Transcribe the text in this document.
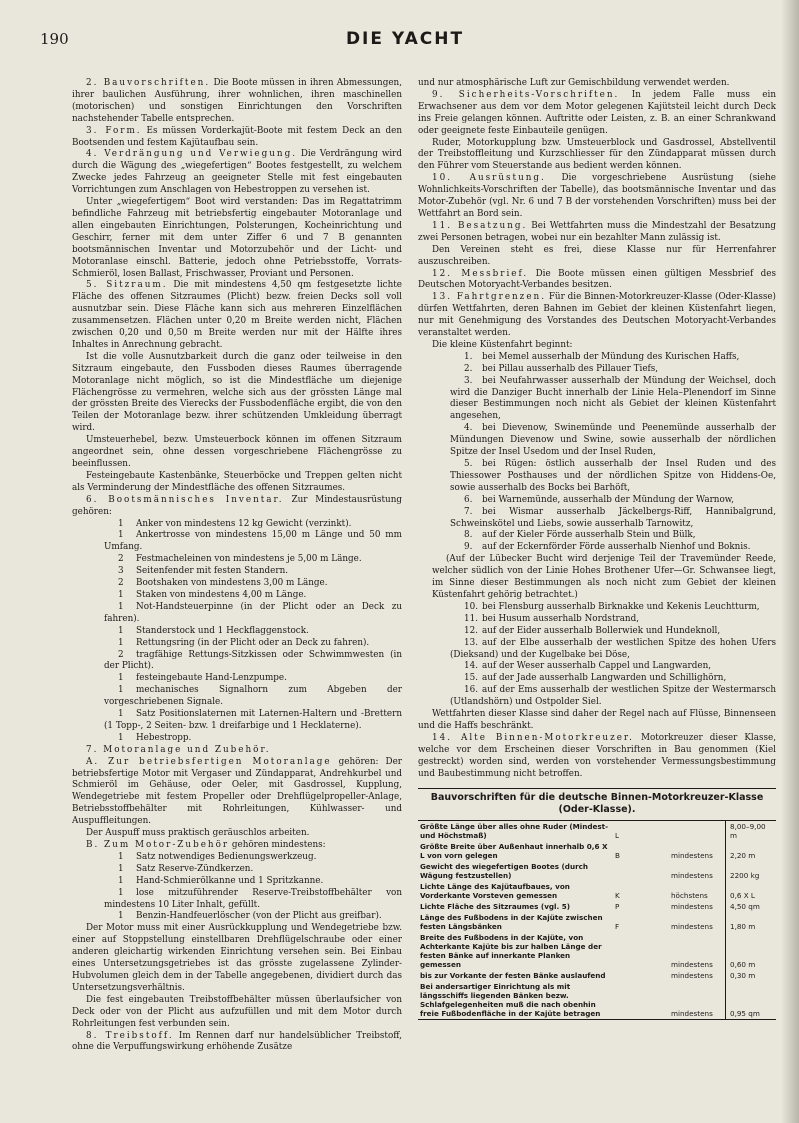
190	DIE YACHT

2. Bauvorschriften. Die Boote müssen in ihren Abmessungen, ihrer baulichen Ausführung, ihrer wohnlichen, ihren maschinellen (motorischen) und sonstigen Einrichtungen den Vorschriften nachstehender Tabelle entsprechen.

3. Form. Es müssen Vorderkajüt-Boote mit festem Deck an den Bootsenden und festem Kajütaufbau sein.

4. Verdrängung und Verwiegung. Die Verdrängung wird durch die Wägung des „wiegefertigen“ Bootes festgestellt, zu welchem Zwecke jedes Fahrzeug an geeigneter Stelle mit fest eingebauten Vorrichtungen zum Anschlagen von Hebestroppen zu versehen ist.

Unter „wiegefertigem“ Boot wird verstanden: Das im Regattatrimm befindliche Fahrzeug mit betriebsfertig eingebauter Motoranlage und allen eingebauten Einrichtungen, Polsterungen, Kocheinrichtung und Geschirr, ferner mit dem unter Ziffer 6 und 7 B genannten bootsmännischen Inventar und Motorzubehör und der Licht- und Motoranlase einschl. Batterie, jedoch ohne Petriebsstoffe, Vorrats-Schmieröl, losen Ballast, Frischwasser, Proviant und Personen.

5. Sitzraum. Die mit mindestens 4,50 qm festgesetzte lichte Fläche des offenen Sitzraumes (Plicht) bezw. freien Decks soll voll ausnutzbar sein. Diese Fläche kann sich aus mehreren Einzelflächen zusammensetzen. Flächen unter 0,20 m Breite werden nicht, Flächen zwischen 0,20 und 0,50 m Breite werden nur mit der Hälfte ihres Inhaltes in Anrechnung gebracht.

Ist die volle Ausnutzbarkeit durch die ganz oder teilweise in den Sitzraum eingebaute, den Fussboden dieses Raumes überragende Motoranlage nicht möglich, so ist die Mindestfläche um diejenige Flächengrösse zu vermehren, welche sich aus der grössten Länge mal der grössten Breite des Vierecks der Fussbodenfläche ergibt, die von den Teilen der Motoranlage bezw. ihrer schützenden Umkleidung überragt wird.

Umsteuerhebel, bezw. Umsteuerbock können im offenen Sitzraum angeordnet sein, ohne dessen vorgeschriebene Flächengrösse zu beeinflussen.

Festeingebaute Kastenbänke, Steuerböcke und Treppen gelten nicht als Verminderung der Mindestfläche des offenen Sitzraumes.

6. Bootsmännisches Inventar. Zur Mindestausrüstung gehören:

1 Anker von mindestens 12 kg Gewicht (verzinkt).

1 Ankertrosse von mindestens 15,00 m Länge und 50 mm Umfang.

2 Festmacheleinen von mindestens je 5,00 m Länge.

3 Seitenfender mit festen Standern.

2 Bootshaken von mindestens 3,00 m Länge.

1 Staken von mindestens 4,00 m Länge.

1 Not-Handsteuerpinne (in der Plicht oder an Deck zu fahren).

1 Standerstock und 1 Heckflaggenstock.

1 Rettungsring (in der Plicht oder an Deck zu fahren).

2 tragfähige Rettungs-Sitzkissen oder Schwimmwesten (in der Plicht).

1 festeingebaute Hand-Lenzpumpe.

1 mechanisches Signalhorn zum Abgeben der vorgeschriebenen Signale.

1 Satz Positionslaternen mit Laternen-Haltern und -Brettern (1 Topp-, 2 Seiten- bzw. 1 dreifarbige und 1 Hecklaterne).

1 Hebestropp.

7. Motoranlage und Zubehör.

A. Zur betriebsfertigen Motoranlage gehören: Der betriebsfertige Motor mit Vergaser und Zündapparat, Andrehkurbel und Schmieröl im Gehäuse, oder Oeler, mit Gasdrossel, Kupplung, Wendegetriebe mit festem Propeller oder Drehflügelpropeller-Anlage, Betriebsstoffbehälter mit Rohrleitungen, Kühlwasser- und Auspuffleitungen.

Der Auspuff muss praktisch geräuschlos arbeiten.

B. Zum Motor-Zubehör gehören mindestens:

1 Satz notwendiges Bedienungswerkzeug.

1 Satz Reserve-Zündkerzen.

1 Hand-Schmierölkanne und 1 Spritzkanne.

1 lose mitzuführender Reserve-Treibstoffbehälter von mindestens 10 Liter Inhalt, gefüllt.

1 Benzin-Handfeuerlöscher (von der Plicht aus greifbar).

Der Motor muss mit einer Ausrückkupplung und Wendegetriebe bzw. einer auf Stoppstellung einstellbaren Drehflügelschraube oder einer anderen gleichartig wirkenden Einrichtung versehen sein. Bei Einbau eines Untersetzungsgetriebes ist das grösste zugelassene Zylinder-Hubvolumen gleich dem in der Tabelle angegebenen, dividiert durch das Untersetzungsverhältnis.

Die fest eingebauten Treibstoffbehälter müssen überlaufsicher von Deck oder von der Plicht aus aufzufüllen und mit dem Motor durch Rohrleitungen fest verbunden sein.

8. Treibstoff. Im Rennen darf nur handelsüblicher Treibstoff, ohne die Verpuffungswirkung erhöhende Zusätze

und nur atmosphärische Luft zur Gemischbildung verwendet werden.

9. Sicherheits-Vorschriften. In jedem Falle muss ein Erwachsener aus dem vor dem Motor gelegenen Kajütsteil leicht durch Deck ins Freie gelangen können. Auftritte oder Leisten, z. B. an einer Schrankwand oder geeignete feste Einbauteile genügen.

Ruder, Motorkupplung bzw. Umsteuerblock und Gasdrossel, Abstellventil der Treibstoffleitung und Kurzschliesser für den Zündapparat müssen durch den Führer vom Steuerstande aus bedient werden können.

10. Ausrüstung. Die vorgeschriebene Ausrüstung (siehe Wohnlichkeits-Vorschriften der Tabelle), das bootsmännische Inventar und das Motor-Zubehör (vgl. Nr. 6 und 7 B der vorstehenden Vorschriften) muss bei der Wettfahrt an Bord sein.

11. Besatzung. Bei Wettfahrten muss die Mindestzahl der Besatzung zwei Personen betragen, wobei nur ein bezahlter Mann zulässig ist.

Den Vereinen steht es frei, diese Klasse nur für Herrenfahrer auszuschreiben.

12. Messbrief. Die Boote müssen einen gültigen Messbrief des Deutschen Motoryacht-Verbandes besitzen.

13. Fahrtgrenzen. Für die Binnen-Motorkreuzer-Klasse (Oder-Klasse) dürfen Wettfahrten, deren Bahnen im Gebiet der kleinen Küstenfahrt liegen, nur mit Genehmigung des Vorstandes des Deutschen Motoryacht-Verbandes veranstaltet werden.

Die kleine Küstenfahrt beginnt:

1. bei Memel ausserhalb der Mündung des Kurischen Haffs,

2. bei Pillau ausserhalb des Pillauer Tiefs,

3. bei Neufahrwasser ausserhalb der Mündung der Weichsel, doch wird die Danziger Bucht innerhalb der Linie Hela–Plenendorf im Sinne dieser Bestimmungen noch nicht als Gebiet der kleinen Küstenfahrt angesehen,

4. bei Dievenow, Swinemünde und Peenemünde ausserhalb der Mündungen Dievenow und Swine, sowie ausserhalb der nördlichen Spitze der Insel Usedom und der Insel Ruden,

5. bei Rügen: östlich ausserhalb der Insel Ruden und des Thiessower Posthauses und der nördlichen Spitze von Hiddens-Oe, sowie ausserhalb des Bocks bei Barhöft,

6. bei Warnemünde, ausserhalb der Mündung der Warnow,

7. bei Wismar ausserhalb Jäckelbergs-Riff, Hannibalgrund, Schweinskötel und Liebs, sowie ausserhalb Tarnowitz,

8. auf der Kieler Förde ausserhalb Stein und Bülk,

9. auf der Eckernförder Förde ausserhalb Nienhof und Boknis.

(Auf der Lübecker Bucht wird derjenige Teil der Travemünder Reede, welcher südlich von der Linie Hohes Brothener Ufer—Gr. Schwansee liegt, im Sinne dieser Bestimmungen als noch nicht zum Gebiet der kleinen Küstenfahrt gehörig betrachtet.)

10. bei Flensburg ausserhalb Birknakke und Kekenis Leuchtturm,

11. bei Husum ausserhalb Nordstrand,

12. auf der Eider ausserhalb Bollerwiek und Hundeknoll,

13. auf der Elbe ausserhalb der westlichen Spitze des hohen Ufers (Dieksand) und der Kugelbake bei Döse,

14. auf der Weser ausserhalb Cappel und Langwarden,

15. auf der Jade ausserhalb Langwarden und Schillighörn,

16. auf der Ems ausserhalb der westlichen Spitze der Westermarsch (Utlandshörn) und Ostpolder Siel.

Wettfahrten dieser Klasse sind daher der Regel nach auf Flüsse, Binnenseen und die Haffs beschränkt.

14. Alte Binnen-Motorkreuzer. Motorkreuzer dieser Klasse, welche vor dem Erscheinen dieser Vorschriften in Bau genommen (Kiel gestreckt) worden sind, werden von vorstehender Vermessungsbestimmung und Baubestimmung nicht betroffen.

Bauvorschriften für die deutsche Binnen-Motorkreuzer-Klasse (Oder-Klasse).
Größte Länge über alles ohne Ruder (Mindest- und Höchstmaß)	L		8,00–9,00 m
Größte Breite über Außenhaut innerhalb 0,6 X L von vorn gelegen	B	mindestens	2,20 m
Gewicht des wiegefertigen Bootes (durch Wägung festzustellen)		mindestens	2200 kg
Lichte Länge des Kajütaufbaues, von Vorderkante Vorsteven gemessen	K	höchstens	0,6 X L
Lichte Fläche des Sitzraumes (vgl. 5)	P	mindestens	4,50 qm
Länge des Fußbodens in der Kajüte zwischen festen Längsbänken	F	mindestens	1,80 m
Breite des Fußbodens in der Kajüte, von Achterkante Kajüte bis zur halben Länge der festen Bänke auf innerkante Planken gemessen		mindestens	0,60 m
bis zur Vorkante der festen Bänke auslaufend		mindestens	0,30 m
Bei andersartiger Einrichtung als mit längsschiffs liegenden Bänken bezw. Schlafgelegenheiten muß die nach obenhin freie Fußbodenfläche in der Kajüte betragen		mindestens	0,95 qm
